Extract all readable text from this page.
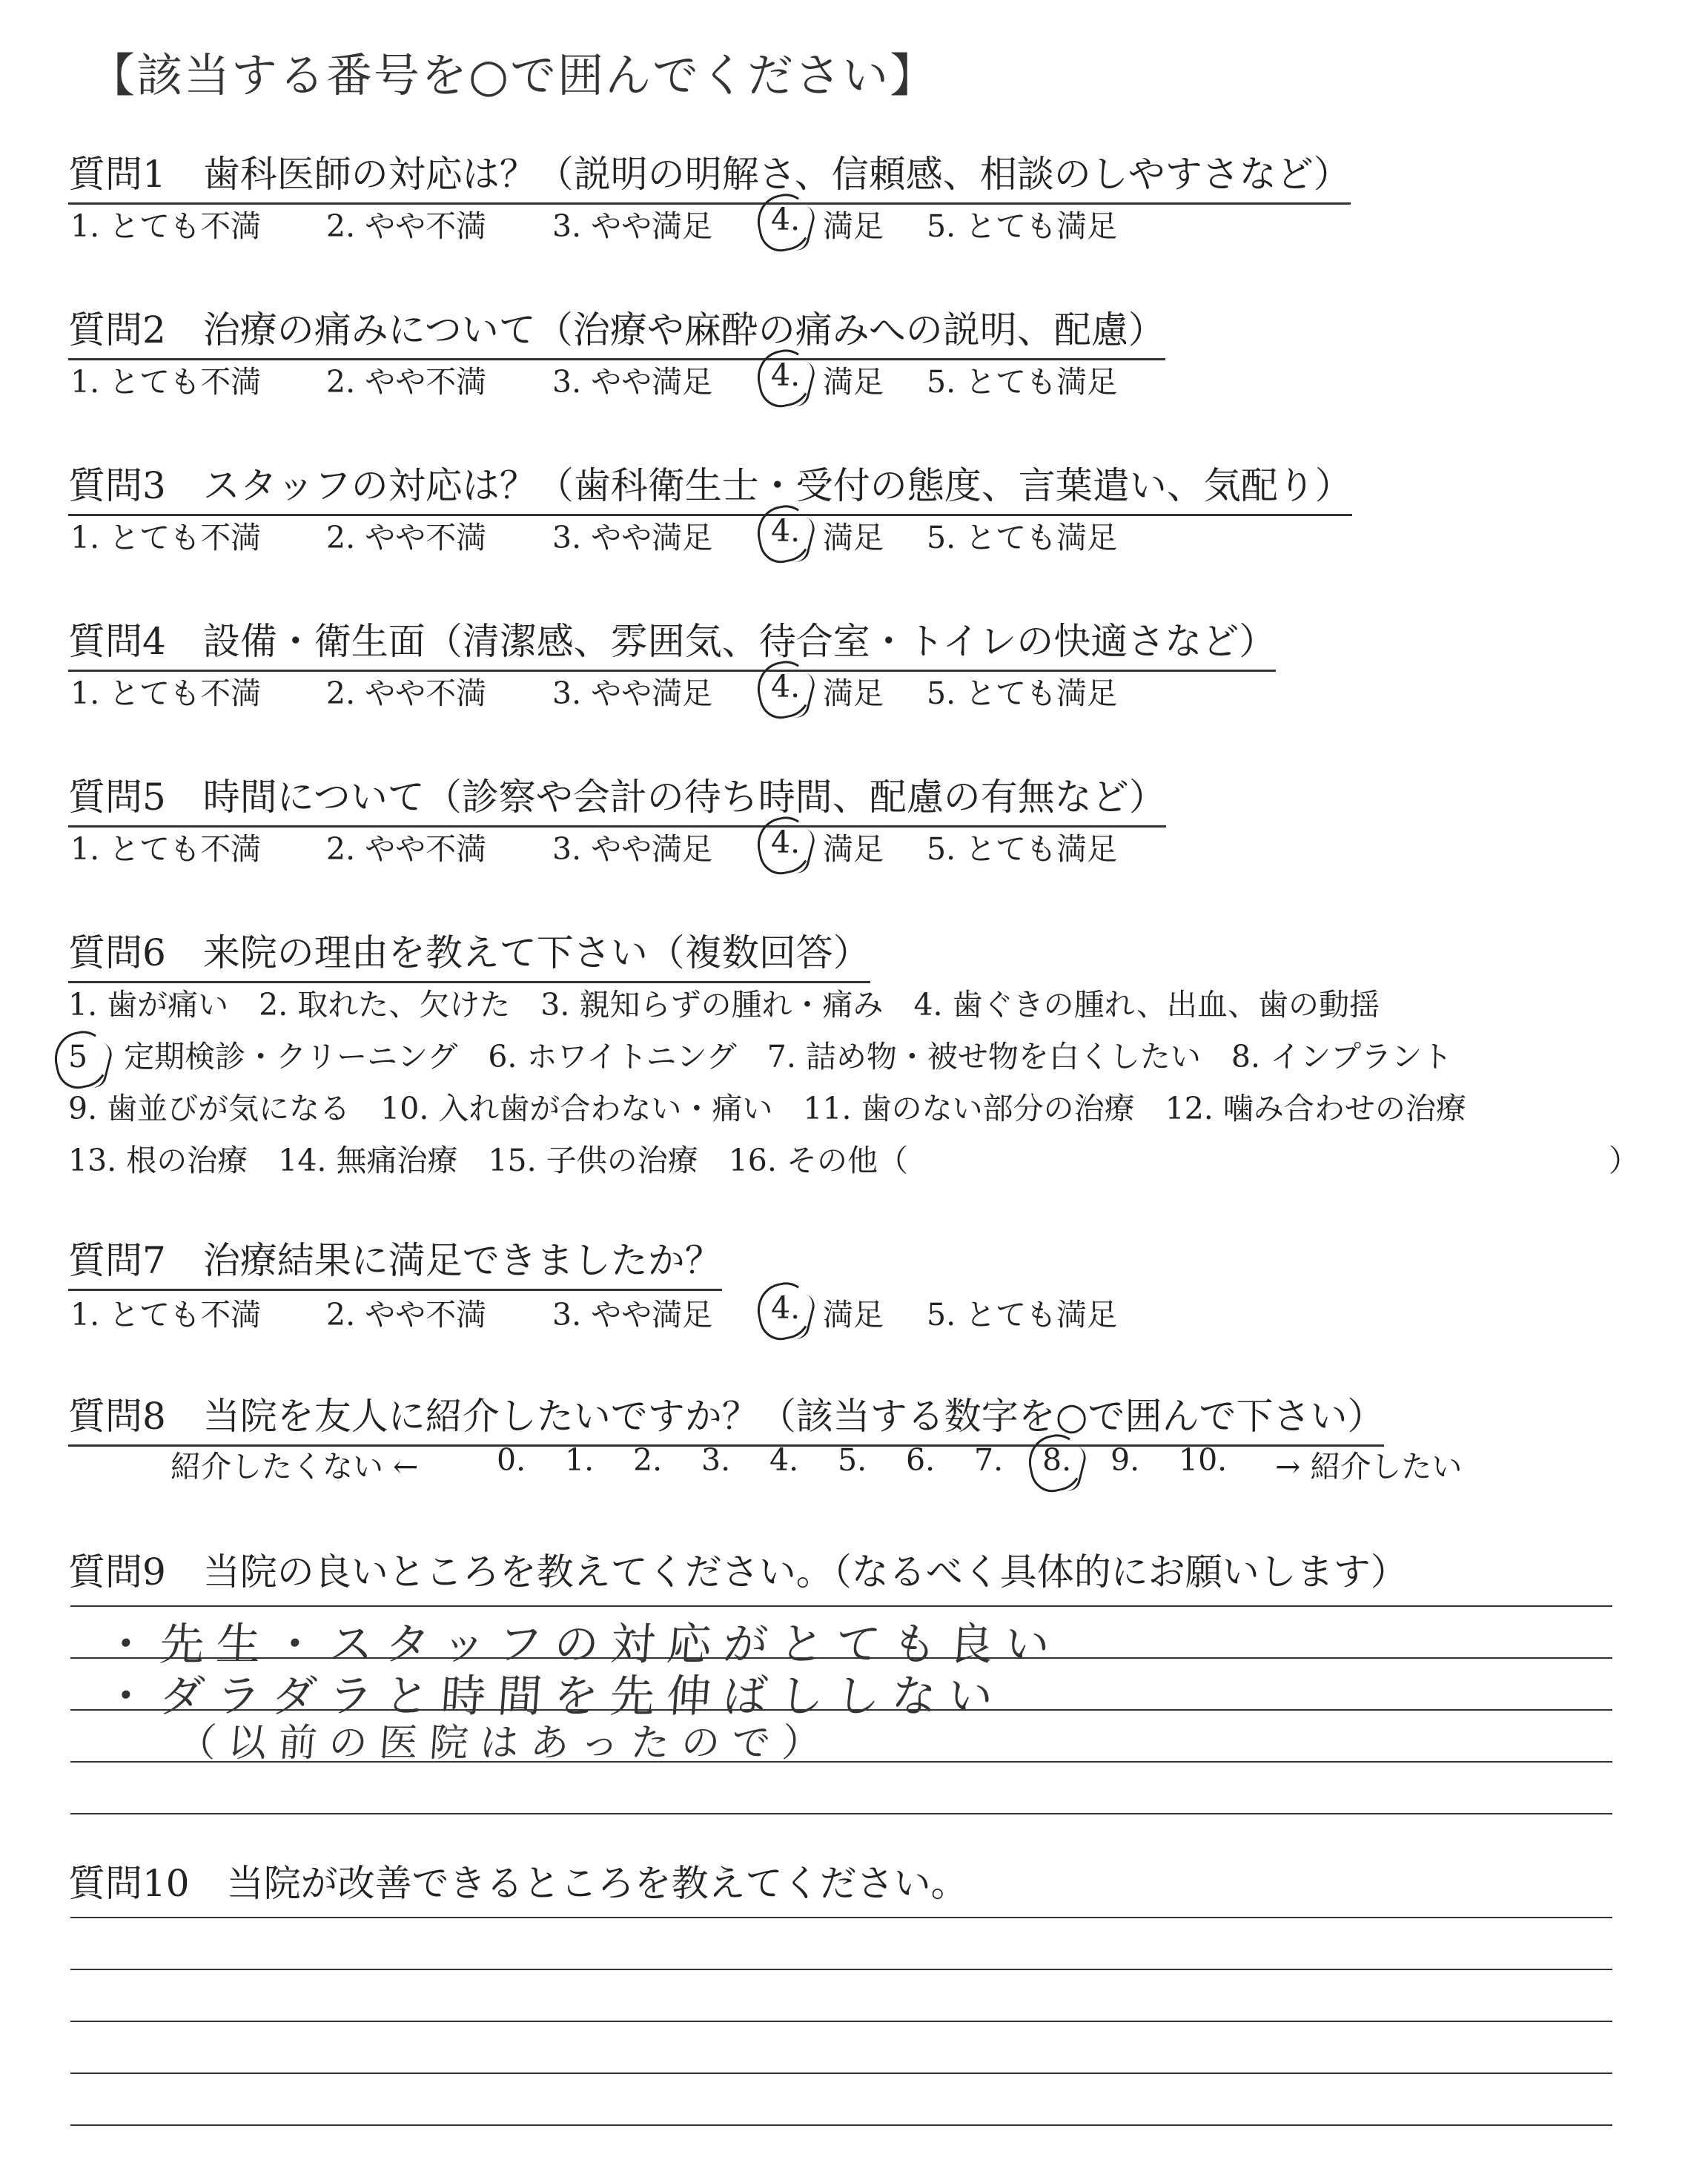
【該当する番号を○で囲んでください】
質問1　歯科医師の対応は？（説明の明解さ、信頼感、相談のしやすさなど）
1. とても不満 2. やや不満 3. やや満足 4. 満足 5. とても満足
質問2　治療の痛みについて（治療や麻酔の痛みへの説明、配慮）
1. とても不満 2. やや不満 3. やや満足 4. 満足 5. とても満足
質問3　スタッフの対応は？（歯科衛生士・受付の態度、言葉遣い、気配り）
1. とても不満 2. やや不満 3. やや満足 4. 満足 5. とても満足
質問4　設備・衛生面（清潔感、雰囲気、待合室・トイレの快適さなど）
1. とても不満 2. やや不満 3. やや満足 4. 満足 5. とても満足
質問5　時間について（診察や会計の待ち時間、配慮の有無など）
1. とても不満 2. やや不満 3. やや満足 4. 満足 5. とても満足
質問6　来院の理由を教えて下さい（複数回答）
1. 歯が痛い　2. 取れた、欠けた　3. 親知らずの腫れ・痛み　4. 歯ぐきの腫れ、出血、歯の動揺
5 定期検診・クリーニング　6. ホワイトニング　7. 詰め物・被せ物を白くしたい　8. インプラント
9. 歯並びが気になる　10. 入れ歯が合わない・痛い　11. 歯のない部分の治療　12. 噛み合わせの治療
13. 根の治療　14. 無痛治療　15. 子供の治療　16. その他（	）
質問7　治療結果に満足できましたか？
1. とても不満 2. やや不満 3. やや満足 4. 満足 5. とても満足
質問8　当院を友人に紹介したいですか？（該当する数字を○で囲んで下さい）
紹介したくない ←	0. 1. 2. 3. 4. 5. 6. 7. 8. 9. 10. → 紹介したい
質問9　当院の良いところを教えてください。（なるべく具体的にお願いします）
・先生・スタッフの対応がとても良い
・ダラダラと時間を先伸ばししない
（以前の医院はあったので）
質問10　当院が改善できるところを教えてください。
